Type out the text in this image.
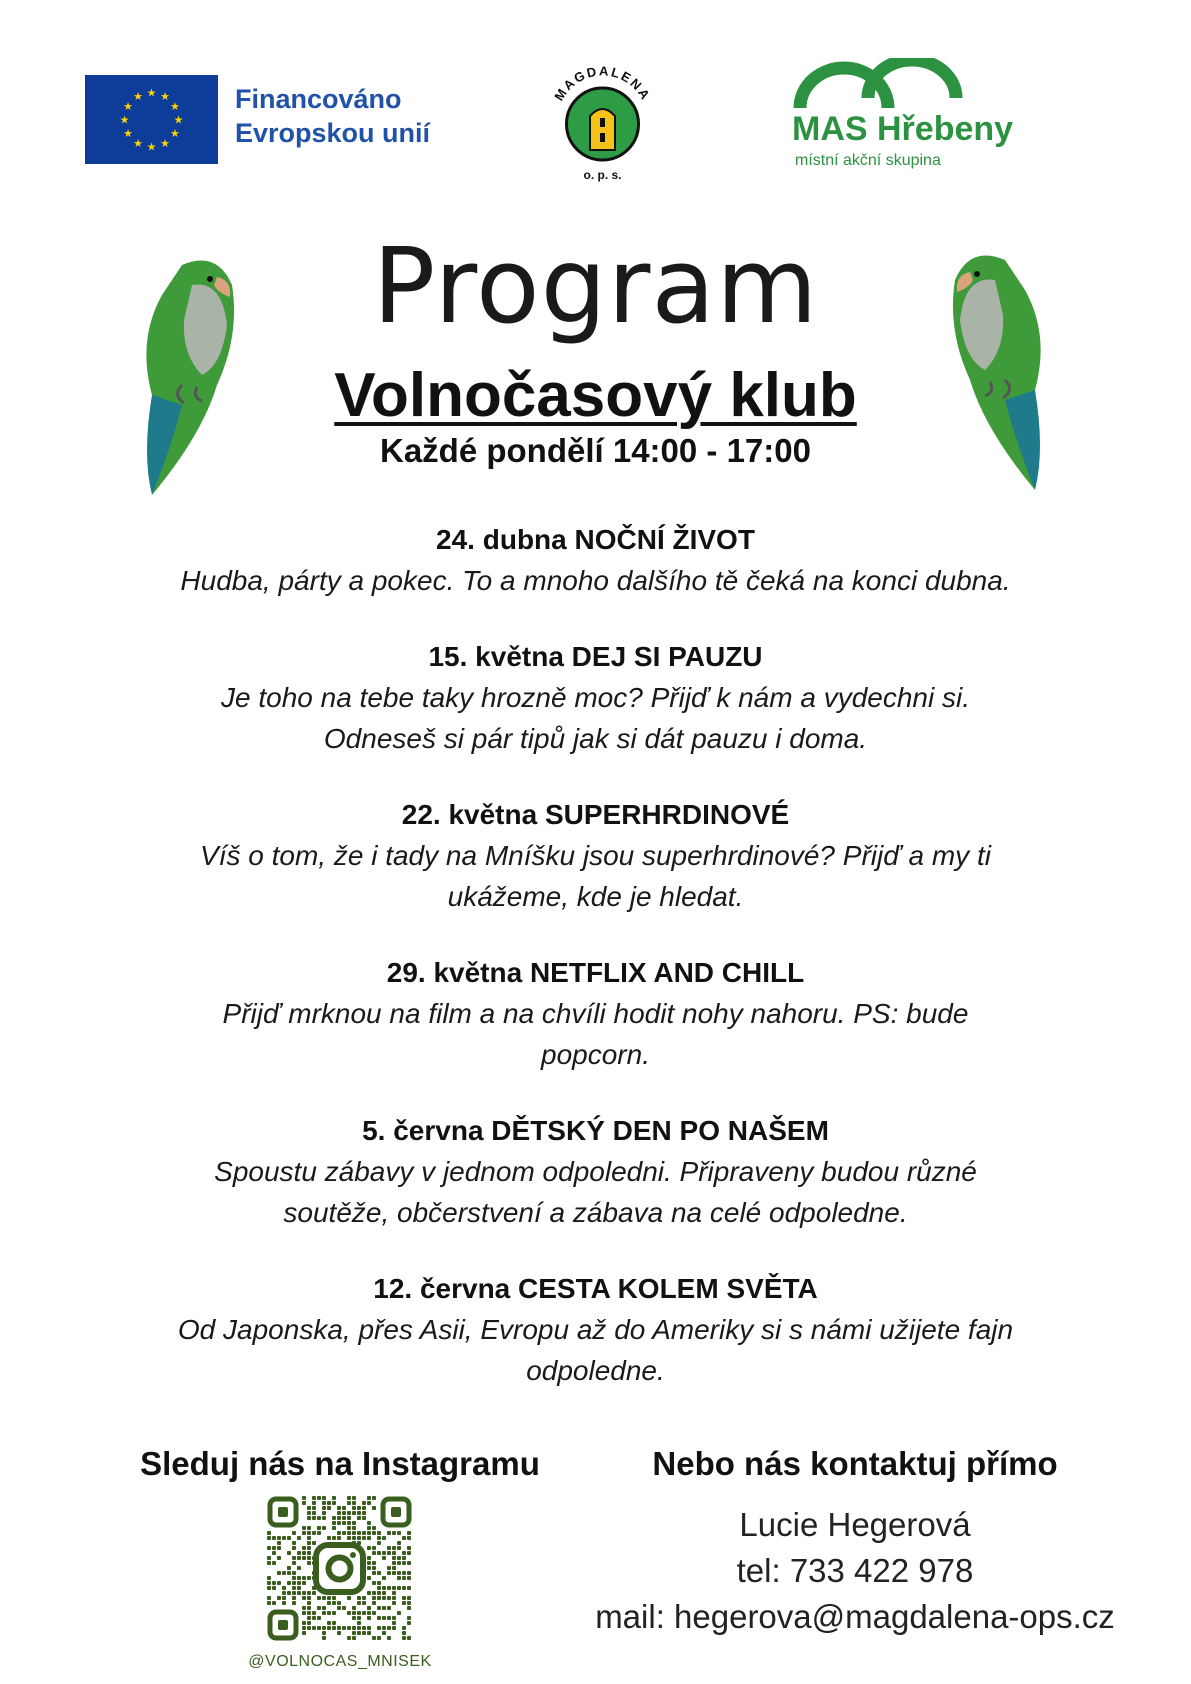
★ ★
★
★
★
★
★
★
★
★
★
★	Financováno
Evropskou unií
MAGDALENA
o. p. s.
MAS Hřebeny
místní akční skupina
Program
Volnočasový klub
Každé pondělí 14:00 - 17:00
24. dubna NOČNÍ ŽIVOT
Hudba, párty a pokec. To a mnoho dalšího tě čeká na konci dubna.
15. května DEJ SI PAUZU
Je toho na tebe taky hrozně moc? Přijď k nám a vydechni si.
Odneseš si pár tipů jak si dát pauzu i doma.
22. května SUPERHRDINOVÉ
Víš o tom, že i tady na Mníšku jsou superhrdinové? Přijď a my ti
ukážeme, kde je hledat.
29. května NETFLIX AND CHILL
Přijď mrknou na film a na chvíli hodit nohy nahoru. PS: bude
popcorn.
5. června DĚTSKÝ DEN PO NAŠEM
Spoustu zábavy v jednom odpoledni. Připraveny budou různé
soutěže, občerstvení a zábava na celé odpoledne.
12. června CESTA KOLEM SVĚTA
Od Japonska, přes Asii, Evropu až do Ameriky si s námi užijete fajn
odpoledne.
Sleduj nás na Instagramu	Nebo nás kontaktuj přímo
@VOLNOCAS_MNISEK
Lucie Hegerová
tel: 733 422 978
mail: hegerova@magdalena-ops.cz
